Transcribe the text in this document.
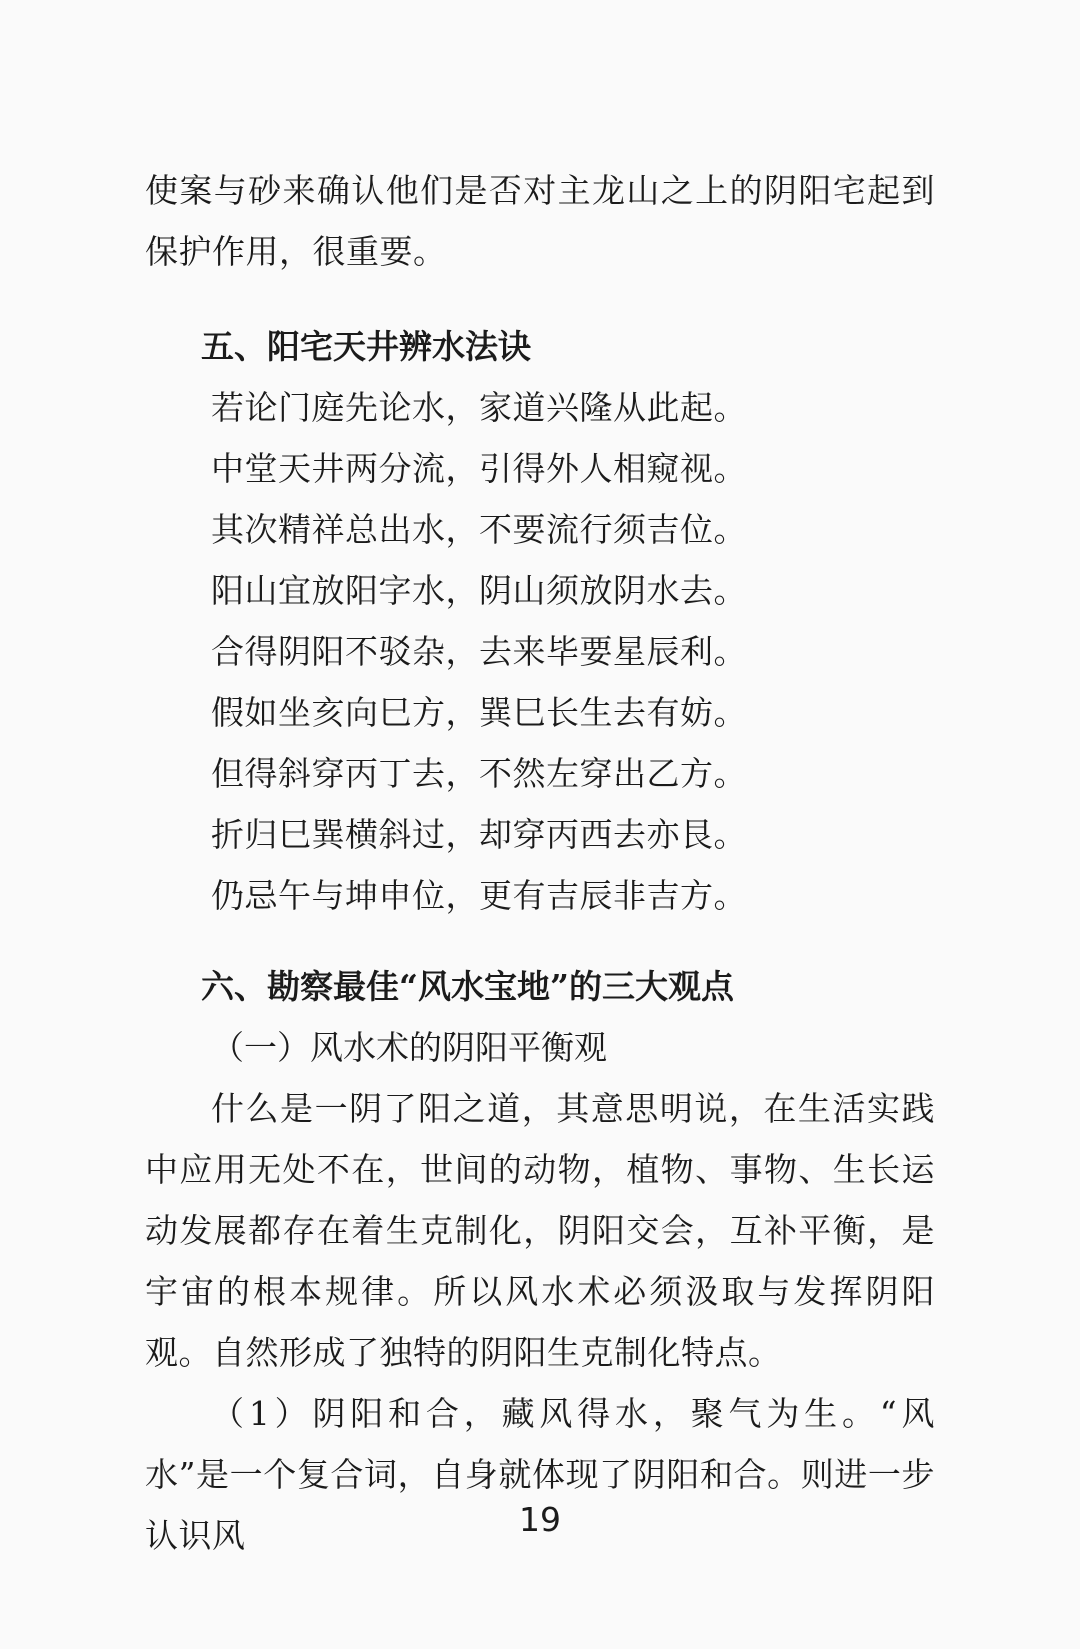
使案与砂来确认他们是否对主龙山之上的阴阳宅起到保护作用，很重要。

五、阳宅天井辨水法诀
若论门庭先论水，家道兴隆从此起。
中堂天井两分流，引得外人相窥视。
其次精祥总出水，不要流行须吉位。
阳山宜放阳字水，阴山须放阴水去。
合得阴阳不驳杂，去来毕要星辰利。
假如坐亥向巳方，巽巳长生去有妨。
但得斜穿丙丁去，不然左穿出乙方。
折归巳巽横斜过，却穿丙西去亦艮。
仍忌午与坤申位，更有吉辰非吉方。
六、勘察最佳“风水宝地”的三大观点

（一）风水术的阴阳平衡观

什么是一阴了阳之道，其意思明说，在生活实践中应用无处不在，世间的动物，植物、事物、生长运动发展都存在着生克制化，阴阳交会，互补平衡，是宇宙的根本规律。所以风水术必须汲取与发挥阴阳观。自然形成了独特的阴阳生克制化特点。

（1）阴阳和合，藏风得水，聚气为生。“风水”是一个复合词，自身就体现了阴阳和合。则进一步认识风	19
